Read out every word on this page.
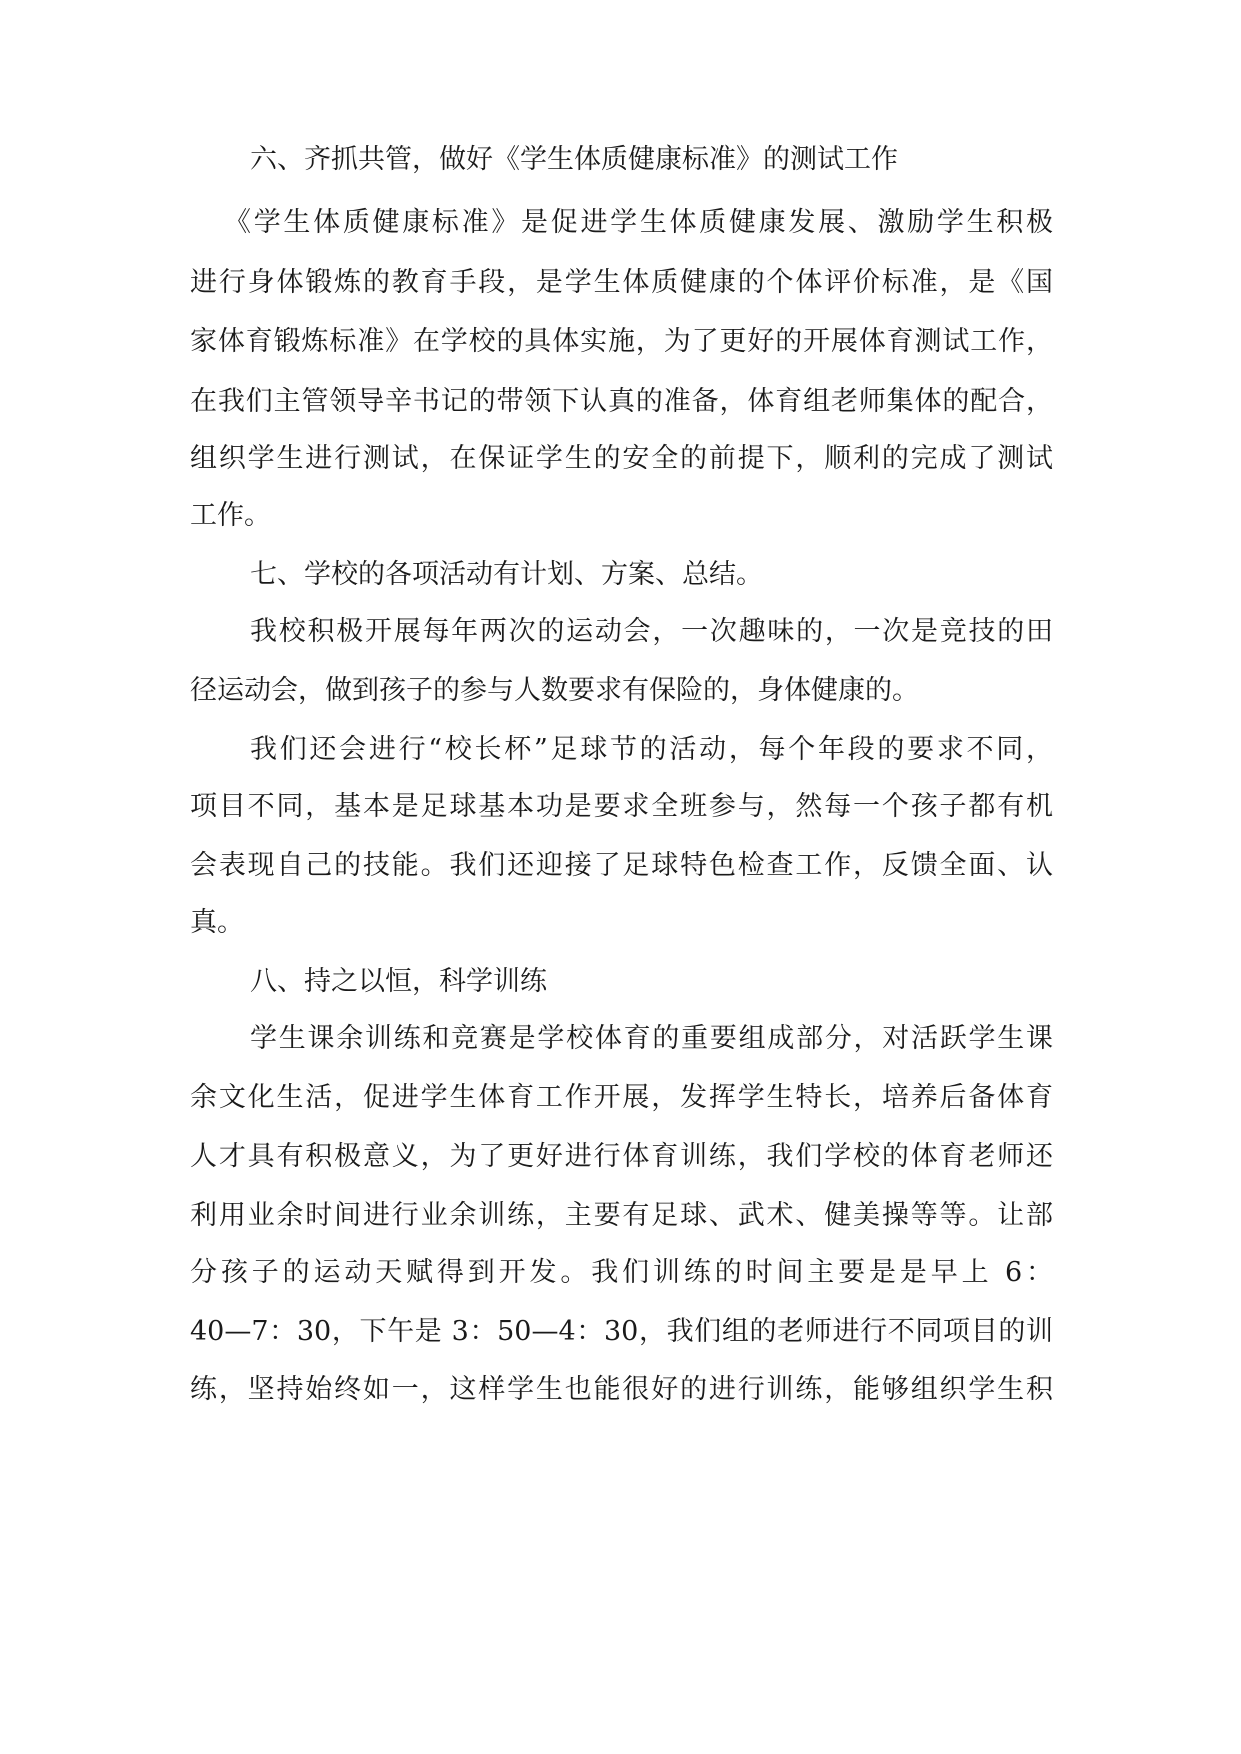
六、齐抓共管，做好《学生体质健康标准》的测试工作

《学生体质健康标准》是促进学生体质健康发展、激励学生积极

进行身体锻炼的教育手段，是学生体质健康的个体评价标准，是《国

家体育锻炼标准》在学校的具体实施，为了更好的开展体育测试工作，

在我们主管领导辛书记的带领下认真的准备，体育组老师集体的配合，

组织学生进行测试，在保证学生的安全的前提下，顺利的完成了测试

工作。

七、学校的各项活动有计划、方案、总结。

我校积极开展每年两次的运动会，一次趣味的，一次是竞技的田

径运动会，做到孩子的参与人数要求有保险的，身体健康的。

我们还会进行“校长杯”足球节的活动，每个年段的要求不同，

项目不同，基本是足球基本功是要求全班参与，然每一个孩子都有机

会表现自己的技能。我们还迎接了足球特色检查工作，反馈全面、认

真。

八、持之以恒，科学训练

学生课余训练和竞赛是学校体育的重要组成部分，对活跃学生课

余文化生活，促进学生体育工作开展，发挥学生特长，培养后备体育

人才具有积极意义，为了更好进行体育训练，我们学校的体育老师还

利用业余时间进行业余训练，主要有足球、武术、健美操等等。让部

分孩子的运动天赋得到开发。我们训练的时间主要是是早上 6：

40—7：30，下午是 3：50—4：30，我们组的老师进行不同项目的训

练，坚持始终如一，这样学生也能很好的进行训练，能够组织学生积
